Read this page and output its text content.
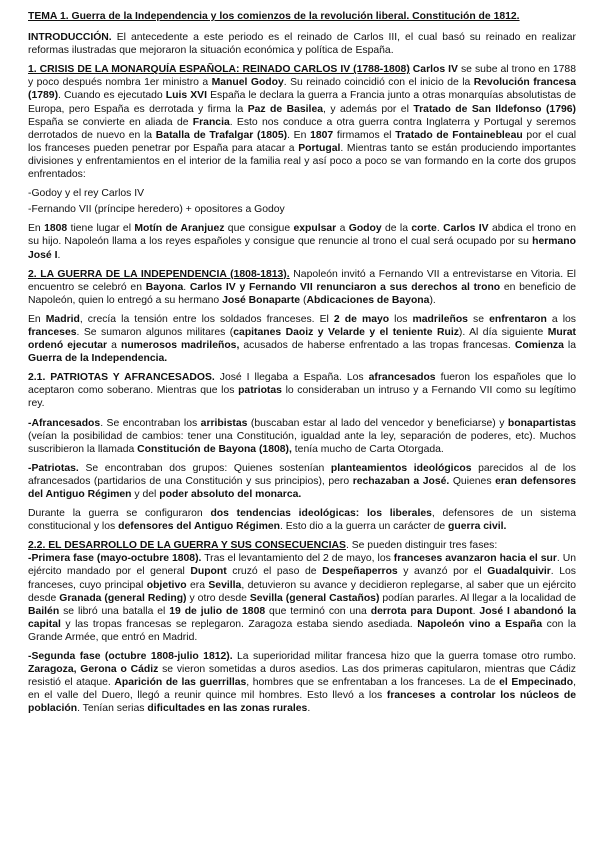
TEMA 1. Guerra de la Independencia y los comienzos de la revolución liberal. Constitución de 1812.

INTRODUCCIÓN. El antecedente a este periodo es el reinado de Carlos III, el cual basó su reinado en realizar reformas ilustradas que mejoraron la situación económica y política de España.

1. CRISIS DE LA MONARQUÍA ESPAÑOLA: REINADO CARLOS IV (1788-1808) Carlos IV se sube al trono en 1788 y poco después nombra 1er ministro a Manuel Godoy. Su reinado coincidió con el inicio de la Revolución francesa (1789). Cuando es ejecutado Luis XVI España le declara la guerra a Francia junto a otras monarquías absolutistas de Europa, pero España es derrotada y firma la Paz de Basilea, y además por el Tratado de San Ildefonso (1796) España se convierte en aliada de Francia. Esto nos conduce a otra guerra contra Inglaterra y Portugal y seremos derrotados de nuevo en la Batalla de Trafalgar (1805). En 1807 firmamos el Tratado de Fontainebleau por el cual los franceses pueden penetrar por España para atacar a Portugal. Mientras tanto se están produciendo importantes divisiones y enfrentamientos en el interior de la familia real y así poco a poco se van formando en la corte dos grupos enfrentados:

-Godoy y el rey Carlos IV
-Fernando VII (príncipe heredero) + opositores a Godoy

En 1808 tiene lugar el Motín de Aranjuez que consigue expulsar a Godoy de la corte. Carlos IV abdica el trono en su hijo. Napoleón llama a los reyes españoles y consigue que renuncie al trono el cual será ocupado por su hermano José I.

2. LA GUERRA DE LA INDEPENDENCIA (1808-1813). Napoleón invitó a Fernando VII a entrevistarse en Vitoria. El encuentro se celebró en Bayona. Carlos IV y Fernando VII renunciaron a sus derechos al trono en beneficio de Napoleón, quien lo entregó a su hermano José Bonaparte (Abdicaciones de Bayona).

En Madrid, crecía la tensión entre los soldados franceses. El 2 de mayo los madrileños se enfrentaron a los franceses. Se sumaron algunos militares (capitanes Daoiz y Velarde y el teniente Ruiz). Al día siguiente Murat ordenó ejecutar a numerosos madrileños, acusados de haberse enfrentado a las tropas francesas. Comienza la Guerra de la Independencia.

2.1. PATRIOTAS Y AFRANCESADOS. José I llegaba a España. Los afrancesados fueron los españoles que lo aceptaron como soberano. Mientras que los patriotas lo consideraban un intruso y a Fernando VII como su legítimo rey.

-Afrancesados. Se encontraban los arribistas (buscaban estar al lado del vencedor y beneficiarse) y bonapartistas (veían la posibilidad de cambios: tener una Constitución, igualdad ante la ley, separación de poderes, etc). Muchos suscribieron la llamada Constitución de Bayona (1808), tenía mucho de Carta Otorgada.

-Patriotas. Se encontraban dos grupos: Quienes sostenían planteamientos ideológicos parecidos al de los afrancesados (partidarios de una Constitución y sus principios), pero rechazaban a José. Quienes eran defensores del Antiguo Régimen y del poder absoluto del monarca.

Durante la guerra se configuraron dos tendencias ideológicas: los liberales, defensores de un sistema constitucional y los defensores del Antiguo Régimen. Esto dio a la guerra un carácter de guerra civil.

2.2. EL DESARROLLO DE LA GUERRA Y SUS CONSECUENCIAS. Se pueden distinguir tres fases:

-Primera fase (mayo-octubre 1808). Tras el levantamiento del 2 de mayo, los franceses avanzaron hacia el sur. Un ejército mandado por el general Dupont cruzó el paso de Despeñaperros y avanzó por el Guadalquivir. Los franceses, cuyo principal objetivo era Sevilla, detuvieron su avance y decidieron replegarse, al saber que un ejército desde Granada (general Reding) y otro desde Sevilla (general Castaños) podían pararles. Al llegar a la localidad de Bailén se libró una batalla el 19 de julio de 1808 que terminó con una derrota para Dupont. José I abandonó la capital y las tropas francesas se replegaron. Zaragoza estaba siendo asediada. Napoleón vino a España con la Grande Armée, que entró en Madrid.

-Segunda fase (octubre 1808-julio 1812). La superioridad militar francesa hizo que la guerra tomase otro rumbo. Zaragoza, Gerona o Cádiz se vieron sometidas a duros asedios. Las dos primeras capitularon, mientras que Cádiz resistió el ataque. Aparición de las guerrillas, hombres que se enfrentaban a los franceses. La de el Empecinado, en el valle del Duero, llegó a reunir quince mil hombres. Esto llevó a los franceses a controlar los núcleos de población. Tenían serias dificultades en las zonas rurales.
